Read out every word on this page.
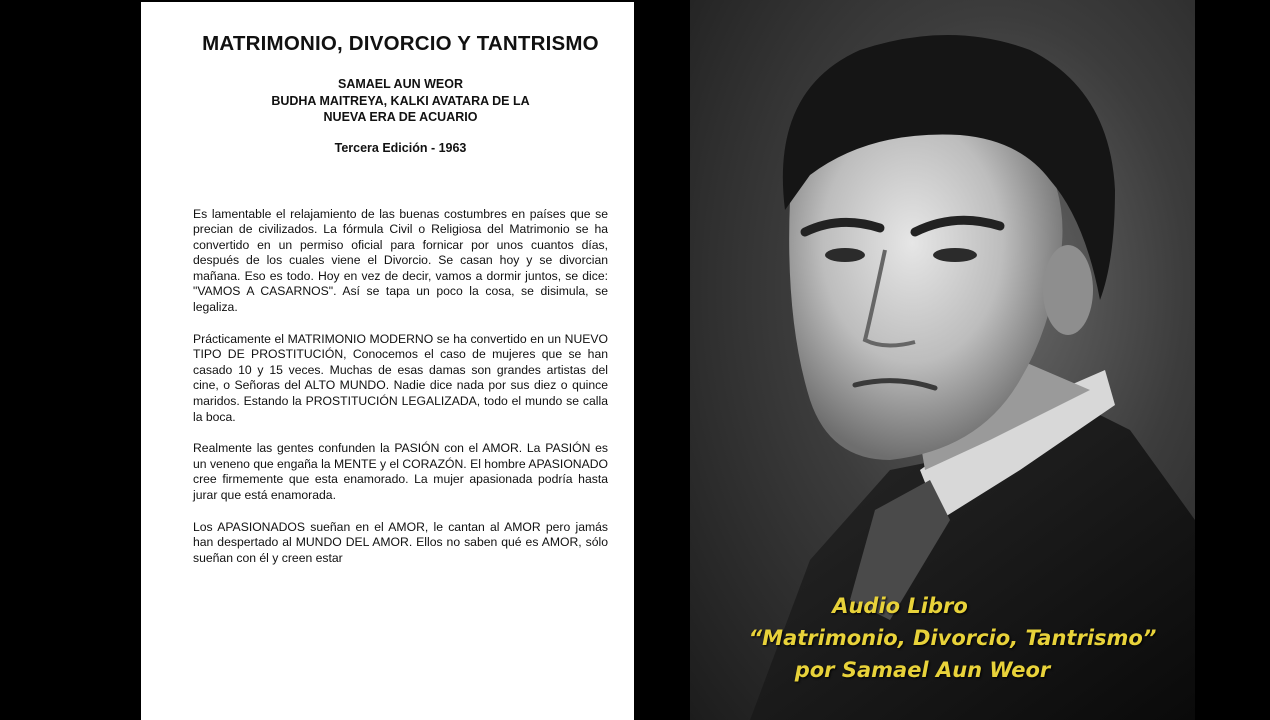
MATRIMONIO, DIVORCIO Y TANTRISMO
SAMAEL AUN WEOR
BUDHA MAITREYA, KALKI AVATARA DE LA
NUEVA ERA DE ACUARIO
Tercera Edición - 1963

Es lamentable el relajamiento de las buenas costumbres en países que se precian de civilizados. La fórmula Civil o Religiosa del Matrimonio se ha convertido en un permiso oficial para fornicar por unos cuantos días, después de los cuales viene el Divorcio. Se casan hoy y se divorcian mañana. Eso es todo. Hoy en vez de decir, vamos a dormir juntos, se dice: "VAMOS A CASARNOS". Así se tapa un poco la cosa, se disimula, se legaliza.

Prácticamente el MATRIMONIO MODERNO se ha convertido en un NUEVO TIPO DE PROSTITUCIÓN, Conocemos el caso de mujeres que se han casado 10 y 15 veces. Muchas de esas damas son grandes artistas del cine, o Señoras del ALTO MUNDO. Nadie dice nada por sus diez o quince maridos. Estando la PROSTITUCIÓN LEGALIZADA, todo el mundo se calla la boca.

Realmente las gentes confunden la PASIÓN con el AMOR. La PASIÓN es un veneno que engaña la MENTE y el CORAZÓN. El hombre APASIONADO cree firmemente que esta enamorado. La mujer apasionada podría hasta jurar que está enamorada.

Los APASIONADOS sueñan en el AMOR, le cantan al AMOR pero jamás han despertado al MUNDO DEL AMOR. Ellos no saben qué es AMOR, sólo sueñan con él y creen estar

Audio Libro
“Matrimonio, Divorcio, Tantrismo”
por Samael Aun Weor
